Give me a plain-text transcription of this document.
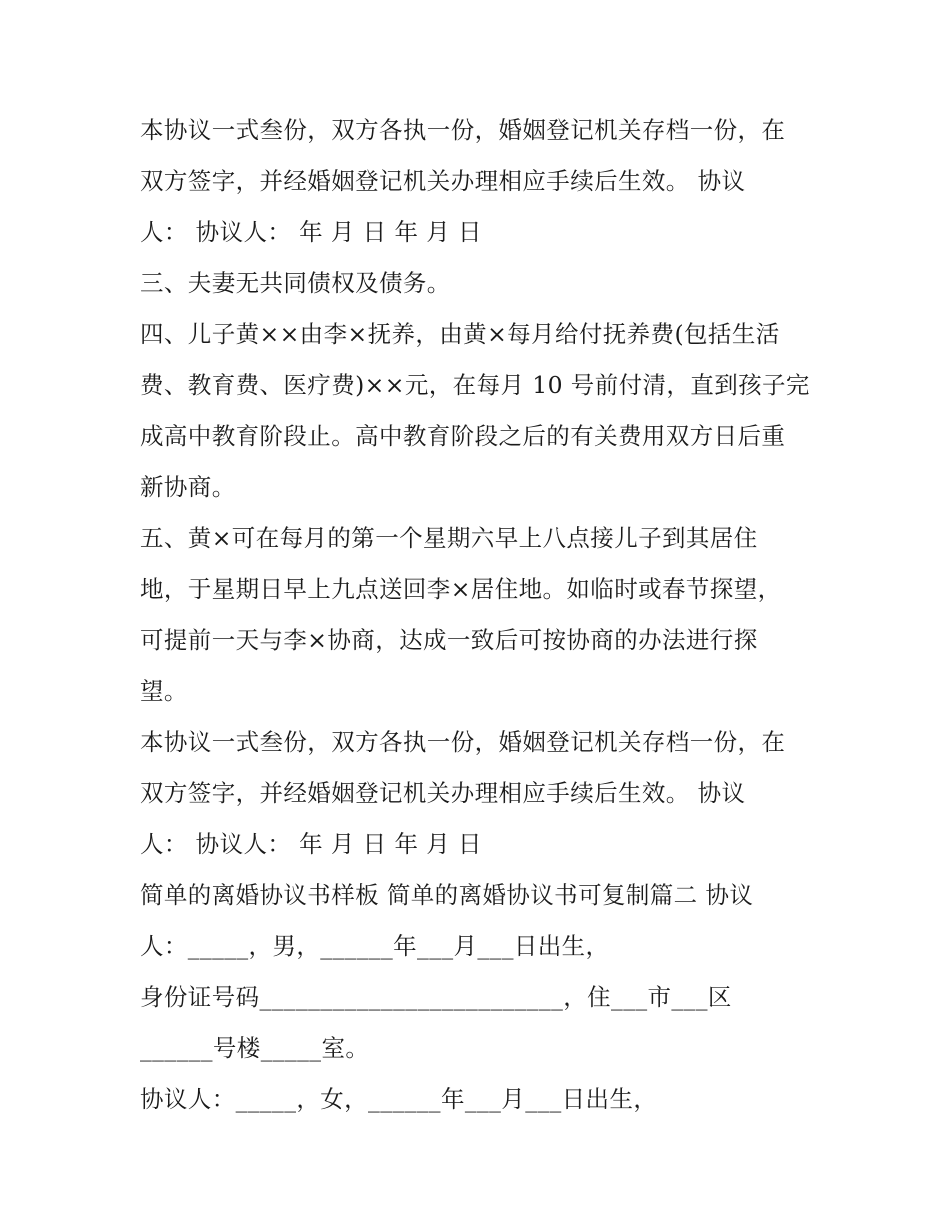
本协议一式叁份，双方各执一份，婚姻登记机关存档一份，在
双方签字，并经婚姻登记机关办理相应手续后生效。 协议
人： 协议人： 年 月 日 年 月 日
三、夫妻无共同债权及债务。
四、儿子黄××由李×抚养，由黄×每月给付抚养费(包括生活
费、教育费、医疗费)××元，在每月 10 号前付清，直到孩子完
成高中教育阶段止。高中教育阶段之后的有关费用双方日后重
新协商。
五、黄×可在每月的第一个星期六早上八点接儿子到其居住
地，于星期日早上九点送回李×居住地。如临时或春节探望，
可提前一天与李×协商，达成一致后可按协商的办法进行探
望。
本协议一式叁份，双方各执一份，婚姻登记机关存档一份，在
双方签字，并经婚姻登记机关办理相应手续后生效。 协议
人： 协议人： 年 月 日 年 月 日
简单的离婚协议书样板 简单的离婚协议书可复制篇二 协议
人：_____，男，______年___月___日出生，
身份证号码_________________________，住___市___区
______号楼_____室。
协议人：_____，女，______年___月___日出生，
